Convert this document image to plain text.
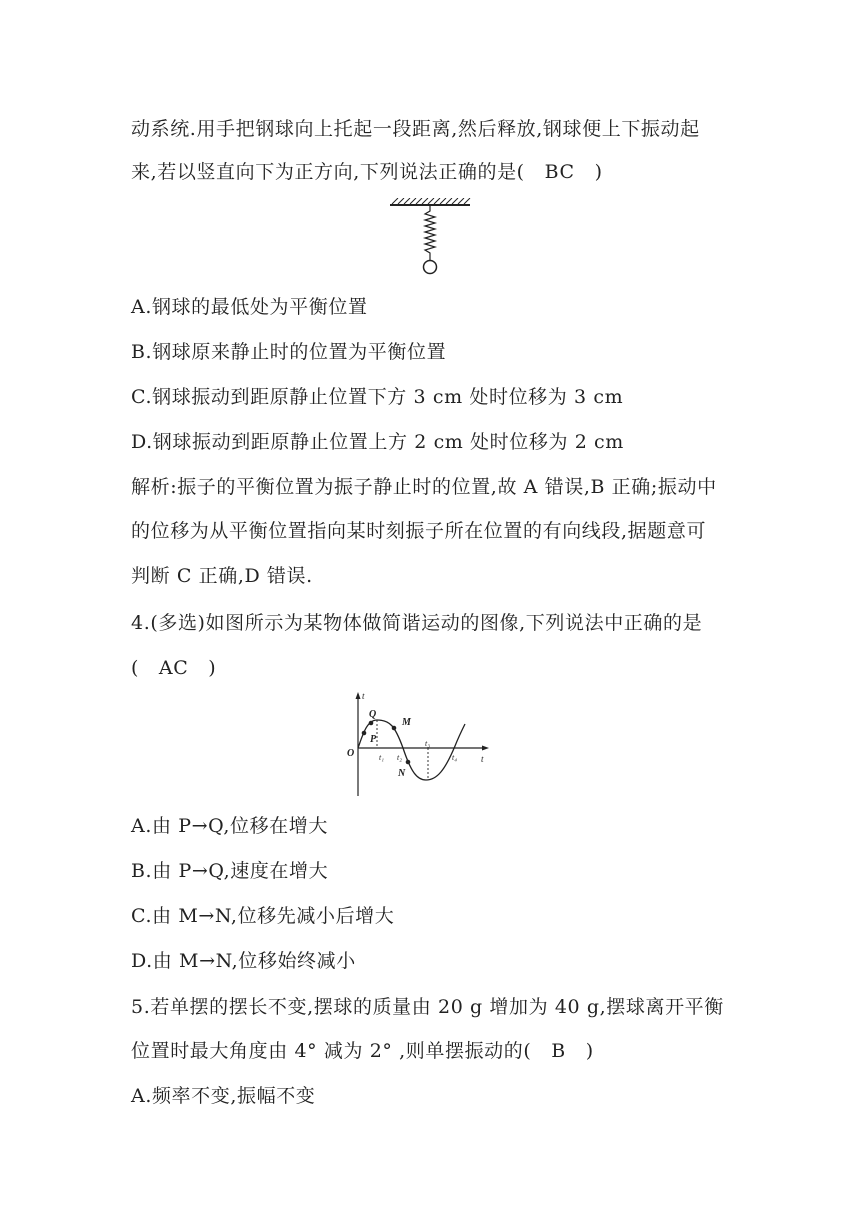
动系统.用手把钢球向上托起一段距离,然后释放,钢球便上下振动起
来,若以竖直向下为正方向,下列说法正确的是(   BC   )
A.钢球的最低处为平衡位置
B.钢球原来静止时的位置为平衡位置
C.钢球振动到距原静止位置下方 3 cm 处时位移为 3 cm
D.钢球振动到距原静止位置上方 2 cm 处时位移为 2 cm
解析:振子的平衡位置为振子静止时的位置,故 A 错误,B 正确;振动中
的位移为从平衡位置指向某时刻振子所在位置的有向线段,据题意可
判断 C 正确,D 错误.
4.(多选)如图所示为某物体做简谐运动的图像,下列说法中正确的是
(   AC   )
t
t
O
P
Q
M
N
t₁ t₂
t₃
t₄
A.由 P→Q,位移在增大
B.由 P→Q,速度在增大
C.由 M→N,位移先减小后增大
D.由 M→N,位移始终减小
5.若单摆的摆长不变,摆球的质量由 20 g 增加为 40 g,摆球离开平衡
位置时最大角度由 4° 减为 2° ,则单摆振动的(   B   )
A.频率不变,振幅不变
